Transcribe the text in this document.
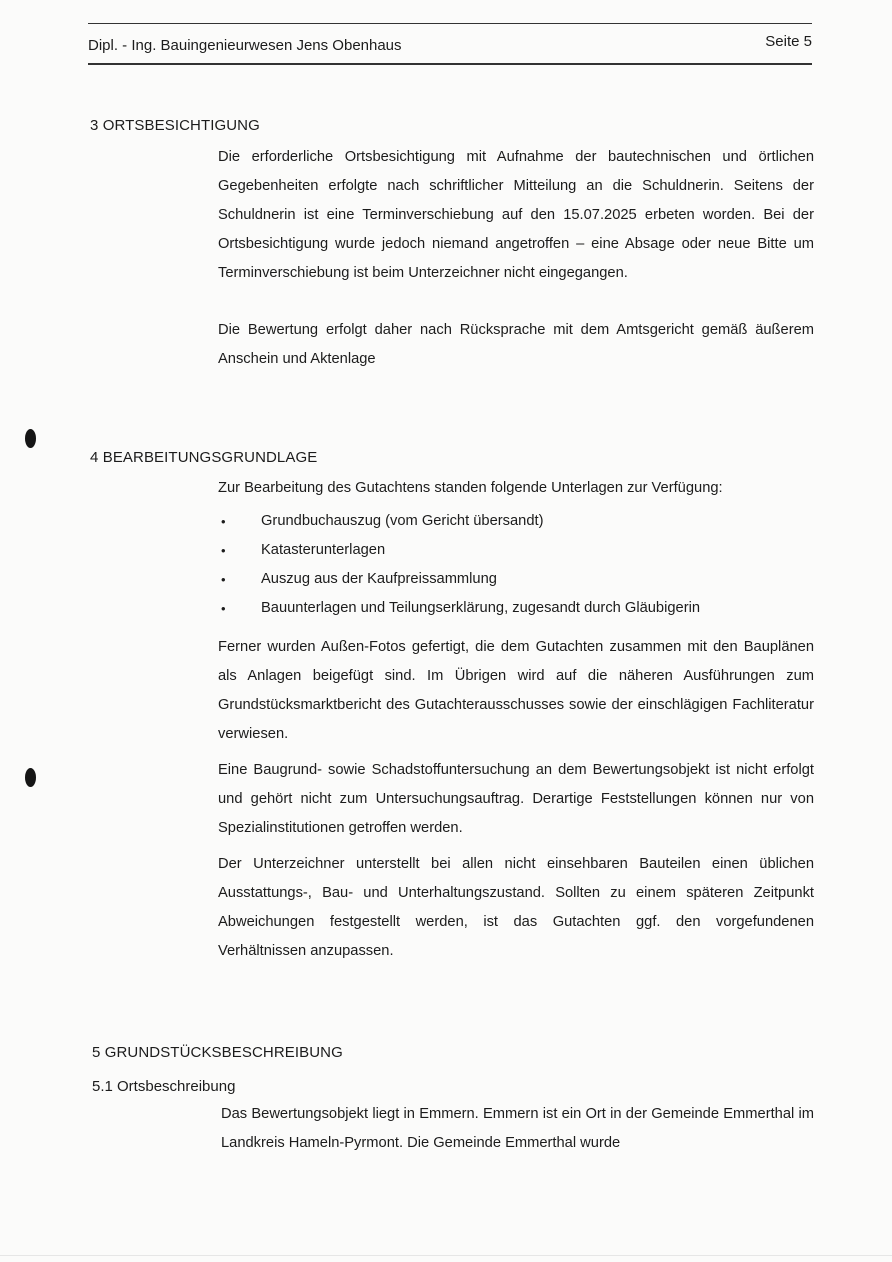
Dipl. - Ing. Bauingenieurwesen Jens Obenhaus	Seite 5
3 ORTSBESICHTIGUNG

Die erforderliche Ortsbesichtigung mit Aufnahme der bautechnischen und örtlichen Gegebenheiten erfolgte nach schriftlicher Mitteilung an die Schuldnerin. Seitens der Schuldnerin ist eine Terminverschiebung auf den 15.07.2025 erbeten worden. Bei der Ortsbesichtigung wurde jedoch niemand angetroffen – eine Absage oder neue Bitte um Terminverschiebung ist beim Unterzeichner nicht eingegangen.

Die Bewertung erfolgt daher nach Rücksprache mit dem Amtsgericht gemäß äußerem Anschein und Aktenlage

4 BEARBEITUNGSGRUNDLAGE

Zur Bearbeitung des Gutachtens standen folgende Unterlagen zur Verfügung:

• Grundbuchauszug (vom Gericht übersandt)
• Katasterunterlagen
• Auszug aus der Kaufpreissammlung
• Bauunterlagen und Teilungserklärung, zugesandt durch Gläubigerin

Ferner wurden Außen-Fotos gefertigt, die dem Gutachten zusammen mit den Bauplänen als Anlagen beigefügt sind. Im Übrigen wird auf die näheren Ausführungen zum Grundstücksmarktbericht des Gutachterausschusses sowie der einschlägigen Fachliteratur verwiesen.

Eine Baugrund- sowie Schadstoffuntersuchung an dem Bewertungsobjekt ist nicht erfolgt und gehört nicht zum Untersuchungsauftrag. Derartige Feststellungen können nur von Spezialinstitutionen getroffen werden.

Der Unterzeichner unterstellt bei allen nicht einsehbaren Bauteilen einen üblichen Ausstattungs-, Bau- und Unterhaltungszustand. Sollten zu einem späteren Zeitpunkt Abweichungen festgestellt werden, ist das Gutachten ggf. den vorgefundenen Verhältnissen anzupassen.

5 GRUNDSTÜCKSBESCHREIBUNG
5.1 Ortsbeschreibung

Das Bewertungsobjekt liegt in Emmern. Emmern ist ein Ort in der Gemeinde Emmerthal im Landkreis Hameln-Pyrmont. Die Gemeinde Emmerthal wurde
